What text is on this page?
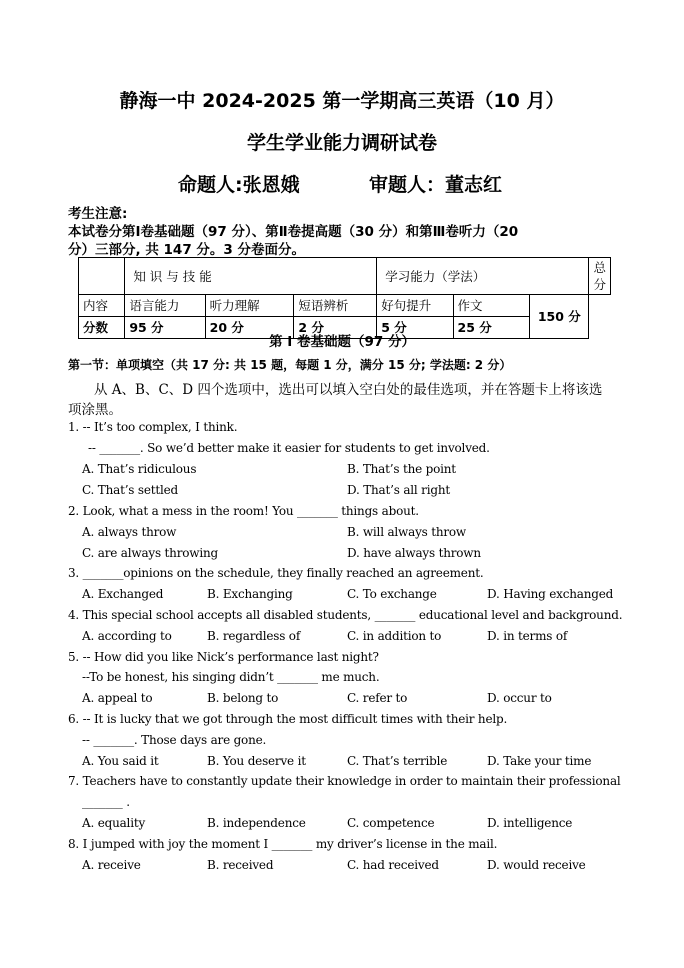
静海一中 2024-2025 第一学期高三英语（10 月）
学生学业能力调研试卷
命题人:张恩娥	审题人：董志红
考生注意:
本试卷分第Ⅰ卷基础题（97 分）、第Ⅱ卷提高题（30 分）和第Ⅲ卷听力（20
分）三部分, 共 147 分。3 分卷面分。
	知 识 与 技 能			学习能力（学法）			总分
内容	语言能力	听力理解	短语辨析	好句提升	作文	150 分	
分数	95 分	20 分	2 分	5 分	25 分		
第 I 卷基础题（97 分）
第一节：单项填空（共 17 分: 共 15 题，每题 1 分，满分 15 分; 学法题: 2 分）
从 A、B、C、D 四个选项中，选出可以填入空白处的最佳选项，并在答题卡上将该选
项涂黑。
1. -- It’s too complex, I think.
-- _______. So we’d better make it easier for students to get involved.
A. That’s ridiculous	B. That’s the point
C. That’s settled	D. That’s all right
2. Look, what a mess in the room! You _______ things about.
A. always throw	B. will always throw
C. are always throwing	D. have always thrown
3. _______opinions on the schedule, they finally reached an agreement.
A. Exchanged	B. Exchanging	C. To exchange	D. Having exchanged
4. This special school accepts all disabled students, _______ educational level and background.
A. according to	B. regardless of	C. in addition to	D. in terms of
5. -- How did you like Nick’s performance last night?
--To be honest, his singing didn’t _______ me much.
A. appeal to	B. belong to	C. refer to	D. occur to
6. -- It is lucky that we got through the most difficult times with their help.
-- _______. Those days are gone.
A. You said it	B. You deserve it	C. That’s terrible	D. Take your time
7. Teachers have to constantly update their knowledge in order to maintain their professional
_______ .
A. equality	B. independence	C. competence	D. intelligence
8. I jumped with joy the moment I _______ my driver’s license in the mail.
A. receive	B. received	C. had received	D. would receive
